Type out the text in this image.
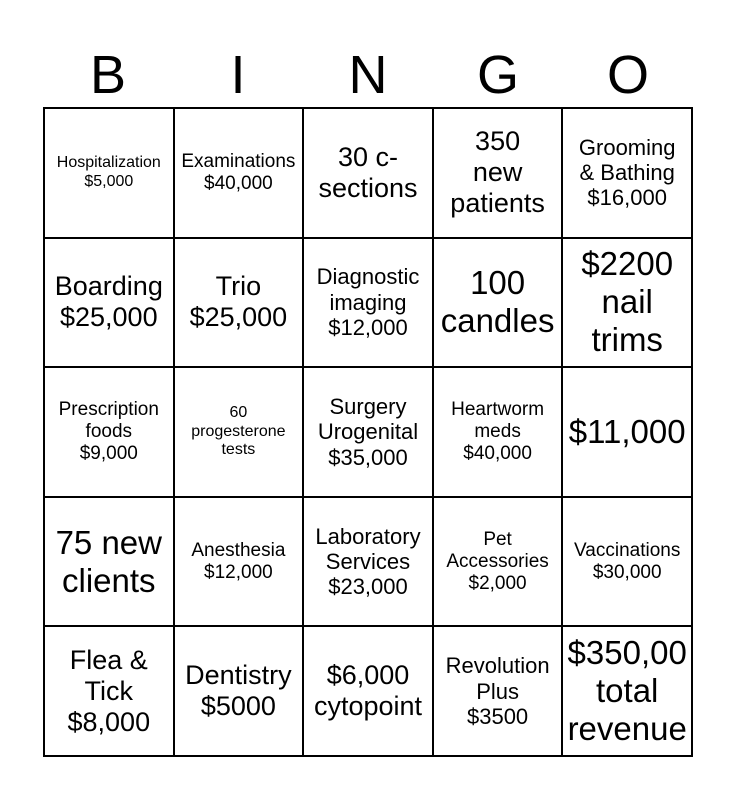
B	I	N	G	O
Hospitalization
$5,000
Examinations
$40,000
30 c-
sections
350
new
patients
Grooming
& Bathing
$16,000
Boarding
$25,000
Trio
$25,000
Diagnostic
imaging
$12,000
100
candles
$2200
nail
trims
Prescription
foods
$9,000
60
progesterone
tests
Surgery
Urogenital
$35,000
Heartworm
meds
$40,000
$11,000
75 new
clients
Anesthesia
$12,000
Laboratory
Services
$23,000
Pet
Accessories
$2,000
Vaccinations
$30,000
Flea &
Tick
$8,000
Dentistry
$5000
$6,000
cytopoint
Revolution
Plus
$3500
$350,00
total
revenue
